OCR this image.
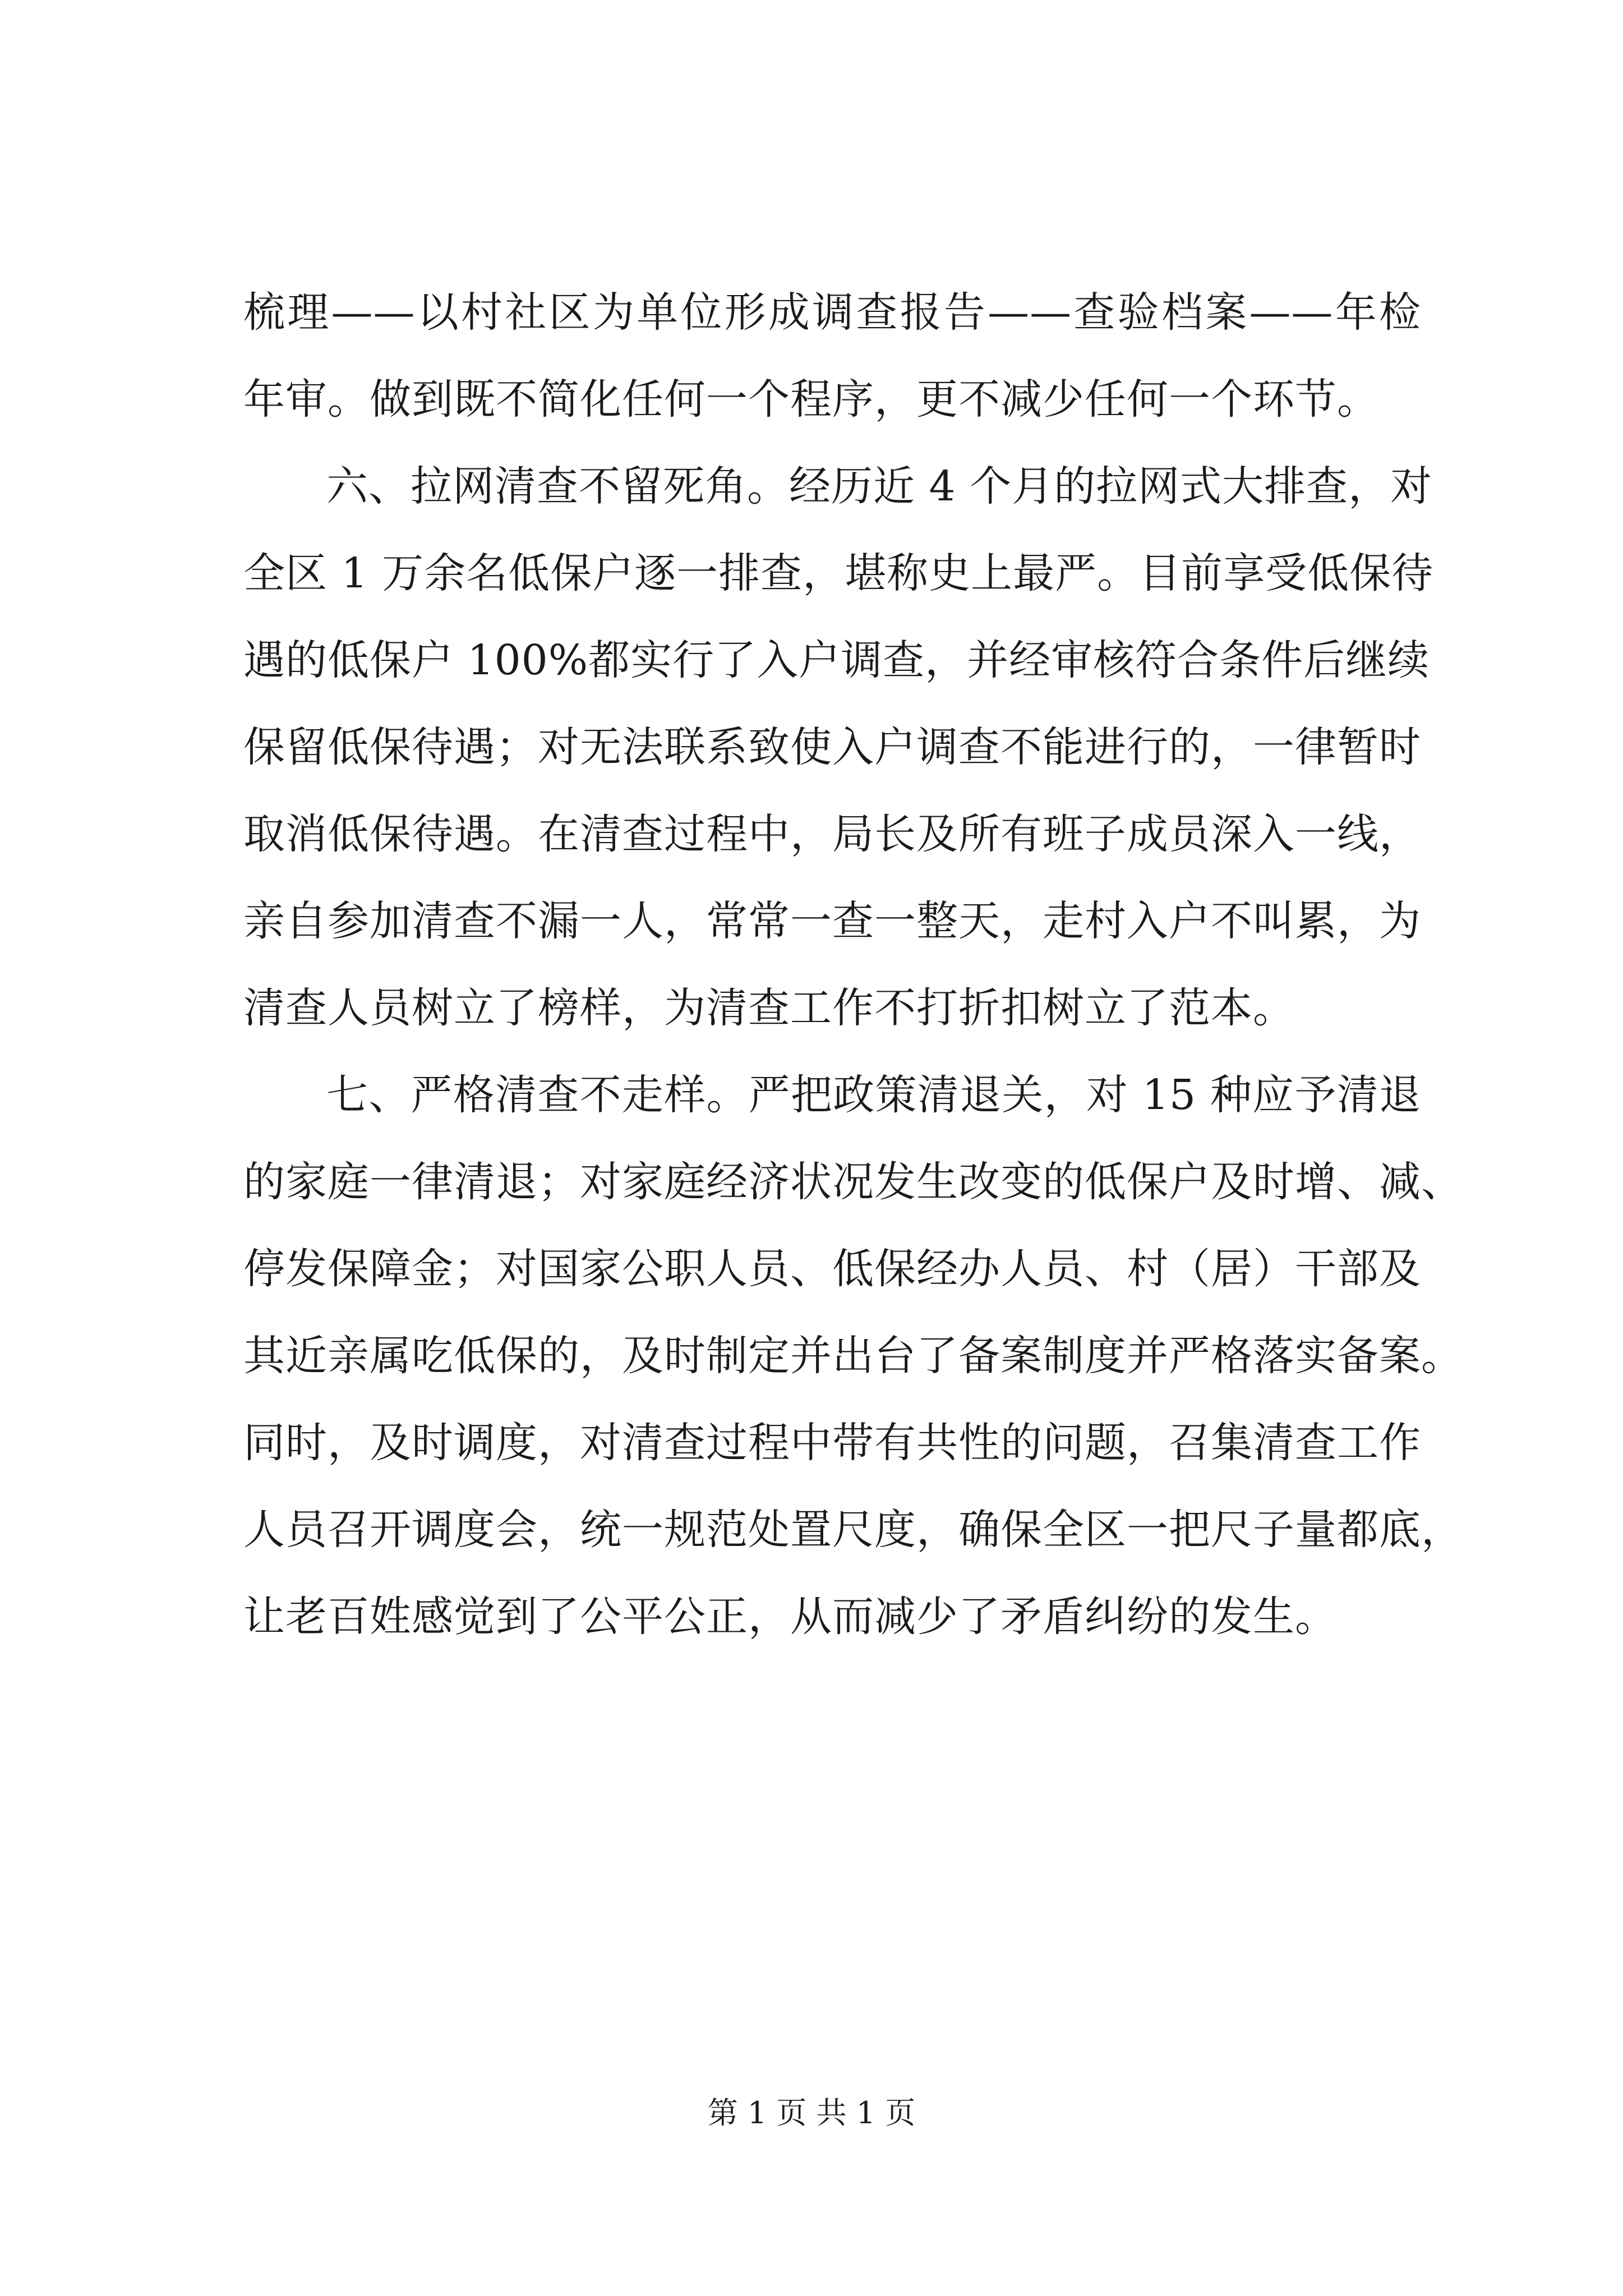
梳理——以村社区为单位形成调查报告——查验档案——年检
年审。做到既不简化任何一个程序，更不减少任何一个环节。
六、拉网清查不留死角。经历近 4 个月的拉网式大排查，对
全区 1 万余名低保户逐一排查，堪称史上最严。目前享受低保待
遇的低保户 100%都实行了入户调查，并经审核符合条件后继续
保留低保待遇；对无法联系致使入户调查不能进行的，一律暂时
取消低保待遇。在清查过程中，局长及所有班子成员深入一线，
亲自参加清查不漏一人，常常一查一整天，走村入户不叫累，为
清查人员树立了榜样，为清查工作不打折扣树立了范本。
七、严格清查不走样。严把政策清退关，对 15 种应予清退
的家庭一律清退；对家庭经济状况发生改变的低保户及时增、减、
停发保障金；对国家公职人员、低保经办人员、村（居）干部及
其近亲属吃低保的，及时制定并出台了备案制度并严格落实备案。
同时，及时调度，对清查过程中带有共性的问题，召集清查工作
人员召开调度会，统一规范处置尺度，确保全区一把尺子量都底，
让老百姓感觉到了公平公正，从而减少了矛盾纠纷的发生。
第 1 页 共 1 页
